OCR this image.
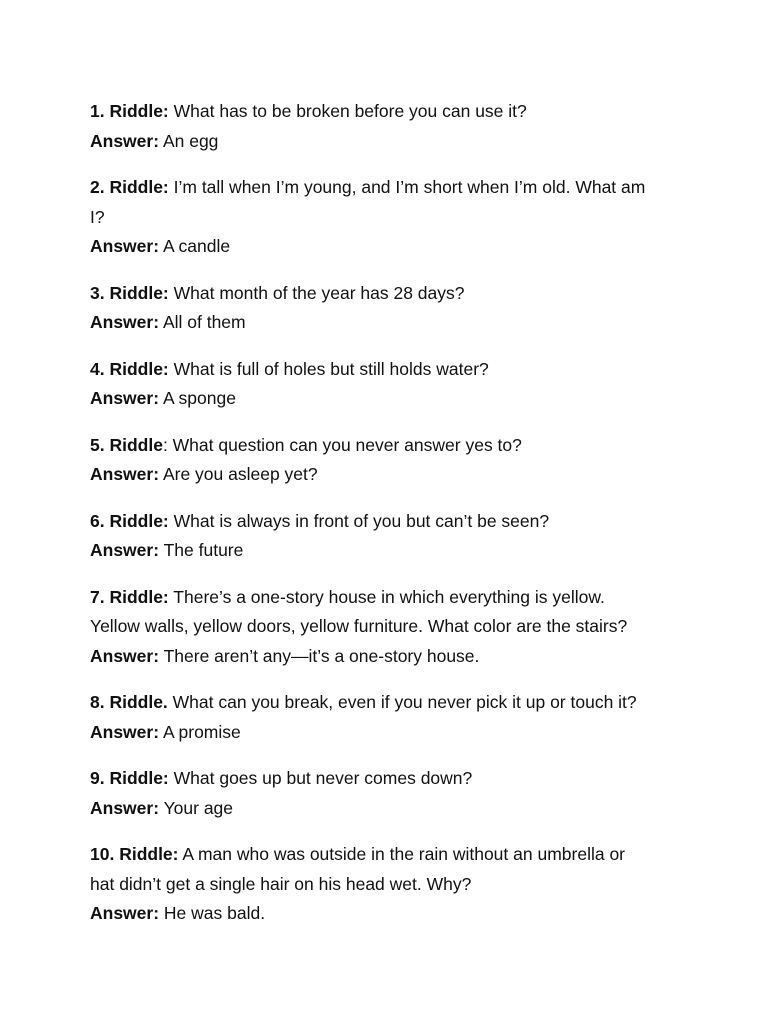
1. Riddle: What has to be broken before you can use it?
Answer: An egg
2. Riddle: I’m tall when I’m young, and I’m short when I’m old. What am
I?
Answer: A candle
3. Riddle: What month of the year has 28 days?
Answer: All of them
4. Riddle: What is full of holes but still holds water?
Answer: A sponge
5. Riddle: What question can you never answer yes to?
Answer: Are you asleep yet?
6. Riddle: What is always in front of you but can’t be seen?
Answer: The future
7. Riddle: There’s a one-story house in which everything is yellow.
Yellow walls, yellow doors, yellow furniture. What color are the stairs?
Answer: There aren’t any—it’s a one-story house.
8. Riddle. What can you break, even if you never pick it up or touch it?
Answer: A promise
9. Riddle: What goes up but never comes down?
Answer: Your age
10. Riddle: A man who was outside in the rain without an umbrella or
hat didn’t get a single hair on his head wet. Why?
Answer: He was bald.
